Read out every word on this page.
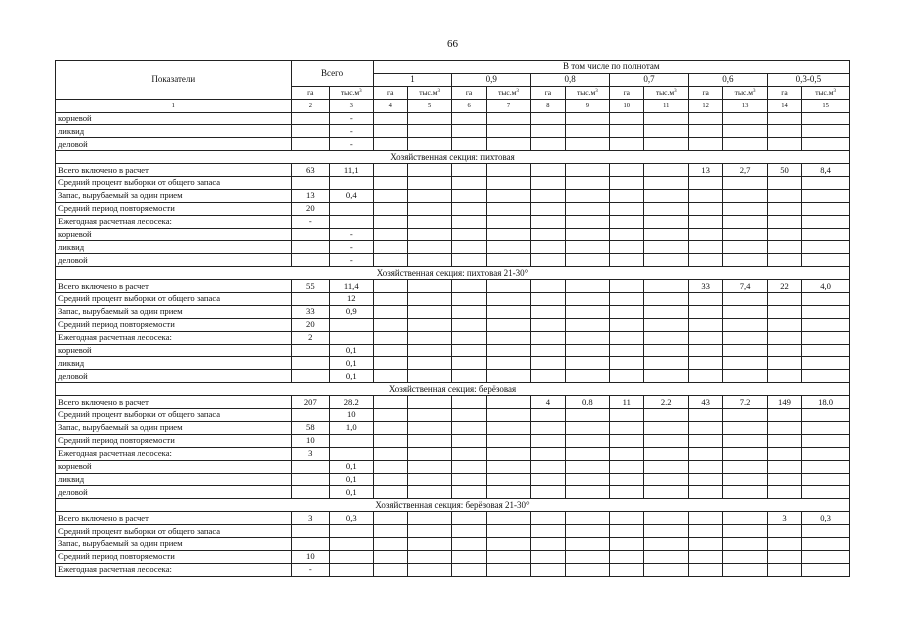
66
Показатели	Всего		В том числе по полнотам											
			1		0,9		0,8		0,7		0,6		0,3-0,5	
	га	$тыс.м^3$	га	$тыс.м^3$	га	$тыс.м^3$	га	$тыс.м^3$	га	$тыс.м^3$	га	$тыс.м^3$	га	$тыс.м^3$
1	2	3	4	5	6	7	8	9	10	11	12	13	14	15
корневой		-												
ликвид		-												
деловой		-												
Хозяйственная секция: пихтовая														
Всего включено в расчет	63	11,1									13	2,7	50	8,4
Средний процент выборки от общего запаса														
Запас, вырубаемый за один прием	13	0,4												
Средний период повторяемости	20													
Ежегодная расчетная лесосека:	-													
корневой		-												
ликвид		-												
деловой		-												
Хозяйственная секция: пихтовая 21-30°														
Всего включено в расчет	55	11,4									33	7,4	22	4,0
Средний процент выборки от общего запаса		12												
Запас, вырубаемый за один прием	33	0,9												
Средний период повторяемости	20													
Ежегодная расчетная лесосека:	2													
корневой		0,1												
ликвид		0,1												
деловой		0,1												
Хозяйственная секция: берёзовая														
Всего включено в расчет	207	28.2					4	0.8	11	2.2	43	7.2	149	18.0
Средний процент выборки от общего запаса		10												
Запас, вырубаемый за один прием	58	1,0												
Средний период повторяемости	10													
Ежегодная расчетная лесосека:	3													
корневой		0,1												
ликвид		0,1												
деловой		0,1												
Хозяйственная секция: берёзовая 21-30°														
Всего включено в расчет	3	0,3											3	0,3
Средний процент выборки от общего запаса														
Запас, вырубаемый за один прием														
Средний период повторяемости	10													
Ежегодная расчетная лесосека:	-													
